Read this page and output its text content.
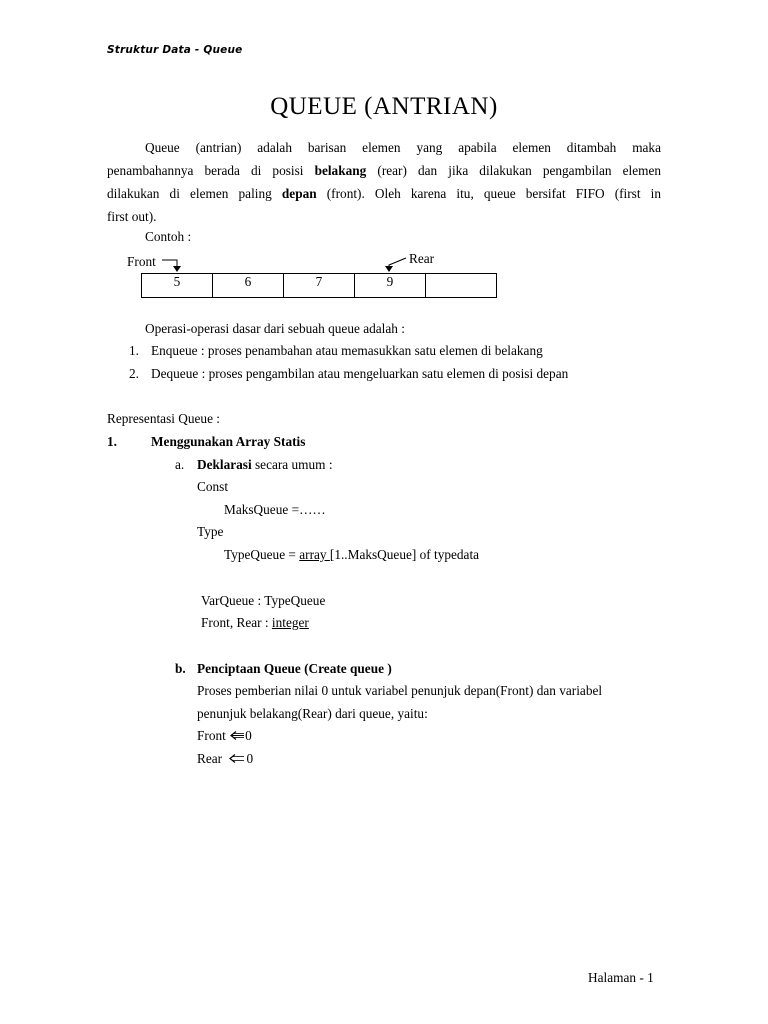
Struktur Data - Queue
QUEUE (ANTRIAN)
Queue (antrian) adalah barisan elemen yang apabila elemen ditambah maka
penambahannya berada di posisi belakang (rear) dan jika dilakukan pengambilan elemen
dilakukan di elemen paling depan (front). Oleh karena itu, queue bersifat FIFO (first in
first out).
Contoh :
Front	Rear
5	6	7	9	
Operasi-operasi dasar dari sebuah queue adalah :
1. Enqueue : proses penambahan atau memasukkan satu elemen di belakang
2. Dequeue : proses pengambilan atau mengeluarkan satu elemen di posisi depan
Representasi Queue :
1.	Menggunakan Array Statis
a. Deklarasi secara umum :
Const
MaksQueue =……
Type
TypeQueue = array [1..MaksQueue] of typedata
VarQueue : TypeQueue
Front, Rear : integer
b. Penciptaan Queue (Create queue )
Proses pemberian nilai 0 untuk variabel penunjuk depan(Front) dan variabel
penunjuk belakang(Rear) dari queue, yaitu:
Front 0
Rear 0
Halaman - 1
